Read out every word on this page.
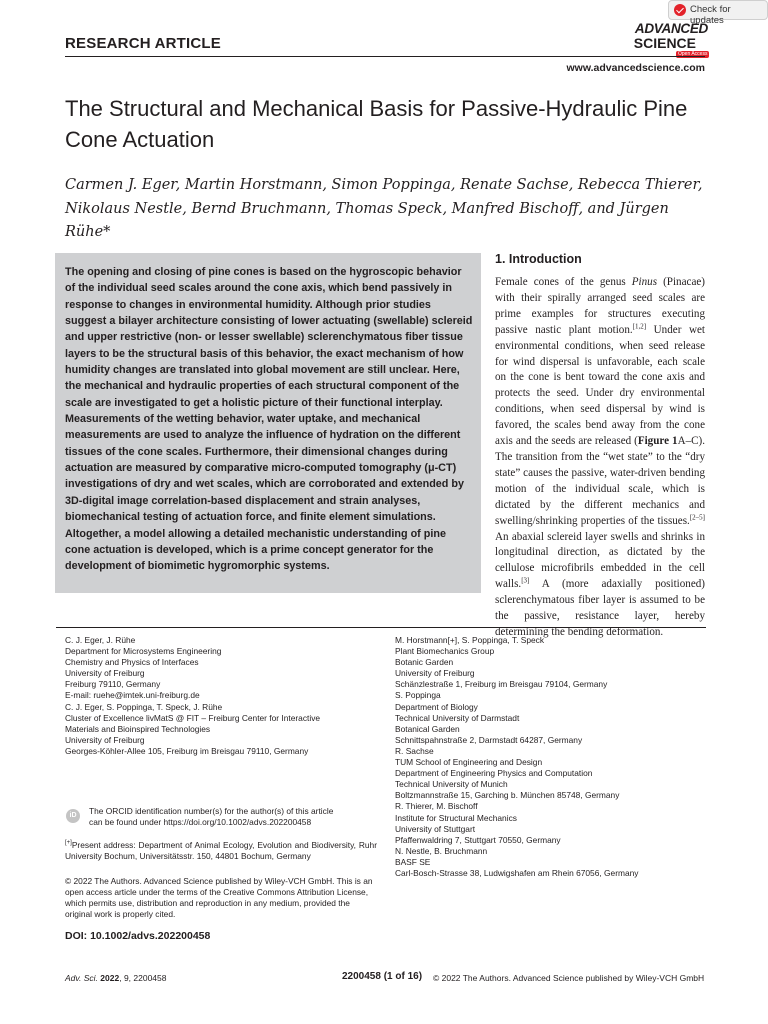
Check for updates
RESEARCH ARTICLE
ADVANCED
SCIENCE
Open Access
www.advancedscience.com
The Structural and Mechanical Basis for Passive-Hydraulic Pine Cone Actuation
Carmen J. Eger, Martin Horstmann, Simon Poppinga, Renate Sachse, Rebecca Thierer,
Nikolaus Nestle, Bernd Bruchmann, Thomas Speck, Manfred Bischoff, and Jürgen Rühe*
The opening and closing of pine cones is based on the hygroscopic behavior of the individual seed scales around the cone axis, which bend passively in response to changes in environmental humidity. Although prior studies suggest a bilayer architecture consisting of lower actuating (swellable) sclereid and upper restrictive (non- or lesser swellable) sclerenchymatous fiber tissue layers to be the structural basis of this behavior, the exact mechanism of how humidity changes are translated into global movement are still unclear. Here, the mechanical and hydraulic properties of each structural component of the scale are investigated to get a holistic picture of their functional interplay. Measurements of the wetting behavior, water uptake, and mechanical measurements are used to analyze the influence of hydration on the different tissues of the cone scales. Furthermore, their dimensional changes during actuation are measured by comparative micro-computed tomography (μ-CT) investigations of dry and wet scales, which are corroborated and extended by 3D-digital image correlation-based displacement and strain analyses, biomechanical testing of actuation force, and finite element simulations. Altogether, a model allowing a detailed mechanistic understanding of pine cone actuation is developed, which is a prime concept generator for the development of biomimetic hygromorphic systems.
1. Introduction
Female cones of the genus Pinus (Pinacae) with their spirally arranged seed scales are prime examples for structures executing passive nastic plant motion.[1,2] Under wet environmental conditions, when seed release for wind dispersal is unfavorable, each scale on the cone is bent toward the cone axis and protects the seed. Under dry environmental conditions, when seed dispersal by wind is favored, the scales bend away from the cone axis and the seeds are released (Figure 1A–C). The transition from the “wet state” to the “dry state” causes the passive, water-driven bending motion of the individual scale, which is dictated by the different mechanics and swelling/shrinking properties of the tissues.[2–5] An abaxial sclereid layer swells and shrinks in longitudinal direction, as dictated by the cellulose microfibrils embedded in the cell walls.[3] A (more adaxially positioned) sclerenchymatous fiber layer is assumed to be the passive, resistance layer, hereby determining the bending deformation.
C. J. Eger, J. Rühe
Department for Microsystems Engineering
Chemistry and Physics of Interfaces
University of Freiburg
Freiburg 79110, Germany
E-mail: ruehe@imtek.uni-freiburg.de
C. J. Eger, S. Poppinga, T. Speck, J. Rühe
Cluster of Excellence livMatS @ FIT – Freiburg Center for Interactive
Materials and Bioinspired Technologies
University of Freiburg
Georges-Köhler-Allee 105, Freiburg im Breisgau 79110, Germany
M. Horstmann[+], S. Poppinga, T. Speck
Plant Biomechanics Group
Botanic Garden
University of Freiburg
Schänzlestraße 1, Freiburg im Breisgau 79104, Germany
S. Poppinga
Department of Biology
Technical University of Darmstadt
Botanical Garden
Schnittspahnstraße 2, Darmstadt 64287, Germany
R. Sachse
TUM School of Engineering and Design
Department of Engineering Physics and Computation
Technical University of Munich
Boltzmannstraße 15, Garching b. München 85748, Germany
R. Thierer, M. Bischoff
Institute for Structural Mechanics
University of Stuttgart
Pfaffenwaldring 7, Stuttgart 70550, Germany
N. Nestle, B. Bruchmann
BASF SE
Carl-Bosch-Strasse 38, Ludwigshafen am Rhein 67056, Germany
iD	The ORCID identification number(s) for the author(s) of this article
can be found under https://doi.org/10.1002/advs.202200458
[+]Present address: Department of Animal Ecology, Evolution and Biodiversity, Ruhr University Bochum, Universitätsstr. 150, 44801 Bochum, Germany
© 2022 The Authors. Advanced Science published by Wiley-VCH GmbH. This is an open access article under the terms of the Creative Commons Attribution License, which permits use, distribution and reproduction in any medium, provided the original work is properly cited.
DOI: 10.1002/advs.202200458
Adv. Sci. 2022, 9, 2200458	2200458 (1 of 16) © 2022 The Authors. Advanced Science published by Wiley-VCH GmbH
